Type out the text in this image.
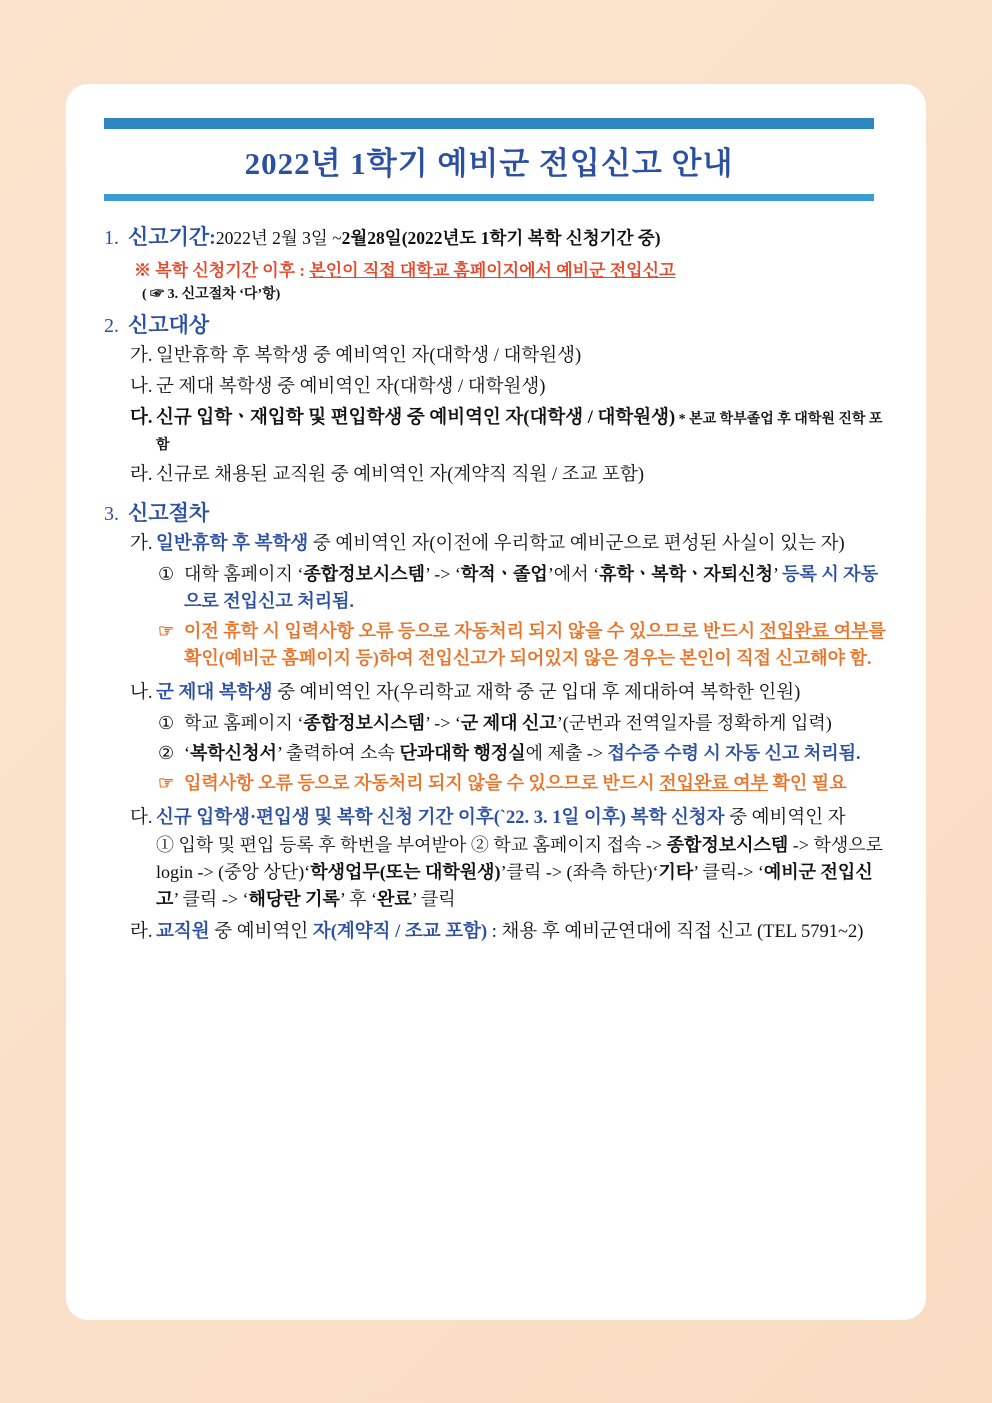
2022년 1학기 예비군 전입신고 안내
1. 신고기간 : 2022년 2월 3일 ~ 2월28일(2022년도 1학기 복학 신청기간 중)
※ 복학 신청기간 이후 : 본인이 직접 대학교 홈페이지에서 예비군 전입신고
( ☞ 3. 신고절차 ‘다’항)
2. 신고대상
가. 일반휴학 후 복학생 중 예비역인 자(대학생 / 대학원생)
나. 군 제대 복학생 중 예비역인 자(대학생 / 대학원생)
다. 신규 입학ㆍ재입학 및 편입학생 중 예비역인 자(대학생 / 대학원생) * 본교 학부졸업 후 대학원 진학 포함
라. 신규로 채용된 교직원 중 예비역인 자(계약직 직원 / 조교 포함)
3. 신고절차
가. 일반휴학 후 복학생 중 예비역인 자(이전에 우리학교 예비군으로 편성된 사실이 있는 자)
① 대학 홈페이지 ‘종합정보시스템’ -> ‘학적ㆍ졸업’에서 ‘휴학ㆍ복학ㆍ자퇴신청’ 등록 시 자동으로 전입신고 처리됨.
☞ 이전 휴학 시 입력사항 오류 등으로 자동처리 되지 않을 수 있으므로 반드시 전입완료 여부를 확인(예비군 홈페이지 등)하여 전입신고가 되어있지 않은 경우는 본인이 직접 신고해야 함.
나. 군 제대 복학생 중 예비역인 자(우리학교 재학 중 군 입대 후 제대하여 복학한 인원)
① 학교 홈페이지 ‘종합정보시스템’ -> ‘군 제대 신고’(군번과 전역일자를 정확하게 입력)
② ‘복학신청서’ 출력하여 소속 단과대학 행정실에 제출 -> 접수증 수령 시 자동 신고 처리됨.
☞ 입력사항 오류 등으로 자동처리 되지 않을 수 있으므로 반드시 전입완료 여부 확인 필요
다. 신규 입학생·편입생 및 복학 신청 기간 이후(`22. 3. 1일 이후) 복학 신청자 중 예비역인 자
① 입학 및 편입 등록 후 학번을 부여받아 ② 학교 홈페이지 접속 -> 종합정보시스템 -> 학생으로 login -> (중앙 상단)‘학생업무(또는 대학원생)’클릭 -> (좌측 하단)‘기타’ 클릭-> ‘예비군 전입신고’ 클릭 -> ‘해당란 기록’ 후 ‘완료’ 클릭
라. 교직원 중 예비역인 자(계약직 / 조교 포함) : 채용 후 예비군연대에 직접 신고 (TEL 5791~2)
